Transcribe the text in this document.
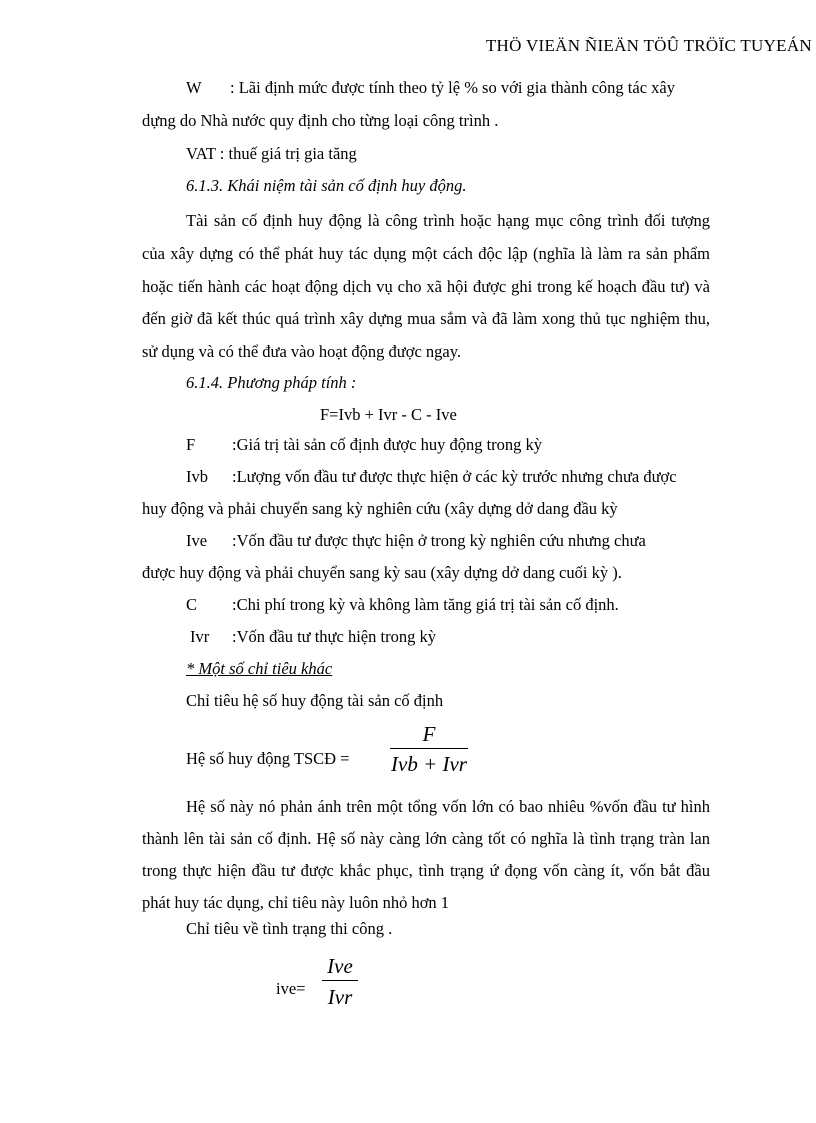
THÖ VIEÄN ÑIEÄN TÖÛ TRÖÏC TUYEÁN
W : Lãi định mức được tính theo tỷ lệ % so với gia thành công tác xây
dựng do Nhà nước quy định cho từng loại công trình .
VAT : thuế giá trị gia tăng
6.1.3. Khái niệm tài sản cố định huy động.
Tài sản cố định huy động là công trình hoặc hạng mục công trình đối tượng của xây dựng có thể phát huy tác dụng một cách độc lập (nghĩa là làm ra sản phẩm hoặc tiến hành các hoạt động dịch vụ cho xã hội được ghi trong kế hoạch đầu tư) và đến giờ đã kết thúc quá trình xây dựng mua sắm và đã làm xong thủ tục nghiệm thu, sử dụng và có thể đưa vào hoạt động được ngay.
6.1.4. Phương pháp tính :
F=Ivb + Ivr - C - Ive
F :Giá trị tài sản cố định được huy động trong kỳ
Ivb :Lượng vốn đầu tư được thực hiện ở các kỳ trước nhưng chưa được
huy động và phải chuyển sang kỳ nghiên cứu (xây dựng dở dang đầu kỳ
Ive :Vốn đầu tư được thực hiện ở trong kỳ nghiên cứu nhưng chưa
được huy động và phải chuyển sang kỳ sau (xây dựng dở dang cuối kỳ ).
C :Chi phí trong kỳ và không làm tăng giá trị tài sản cố định.
Ivr :Vốn đầu tư thực hiện trong kỳ
* Một số chỉ tiêu khác
Chỉ tiêu hệ số huy động tài sản cố định
Hệ số huy động TSCĐ =
F
Ivb + Ivr
Hệ số này nó phản ánh trên một tổng vốn lớn có bao nhiêu %vốn đầu tư hình thành lên tài sản cố định. Hệ số này càng lớn càng tốt có nghĩa là tình trạng tràn lan trong thực hiện đầu tư được khắc phục, tình trạng ứ đọng vốn càng ít, vốn bắt đầu phát huy tác dụng, chỉ tiêu này luôn nhỏ hơn 1
Chỉ tiêu về tình trạng thi công .
ive=
Ive
Ivr
